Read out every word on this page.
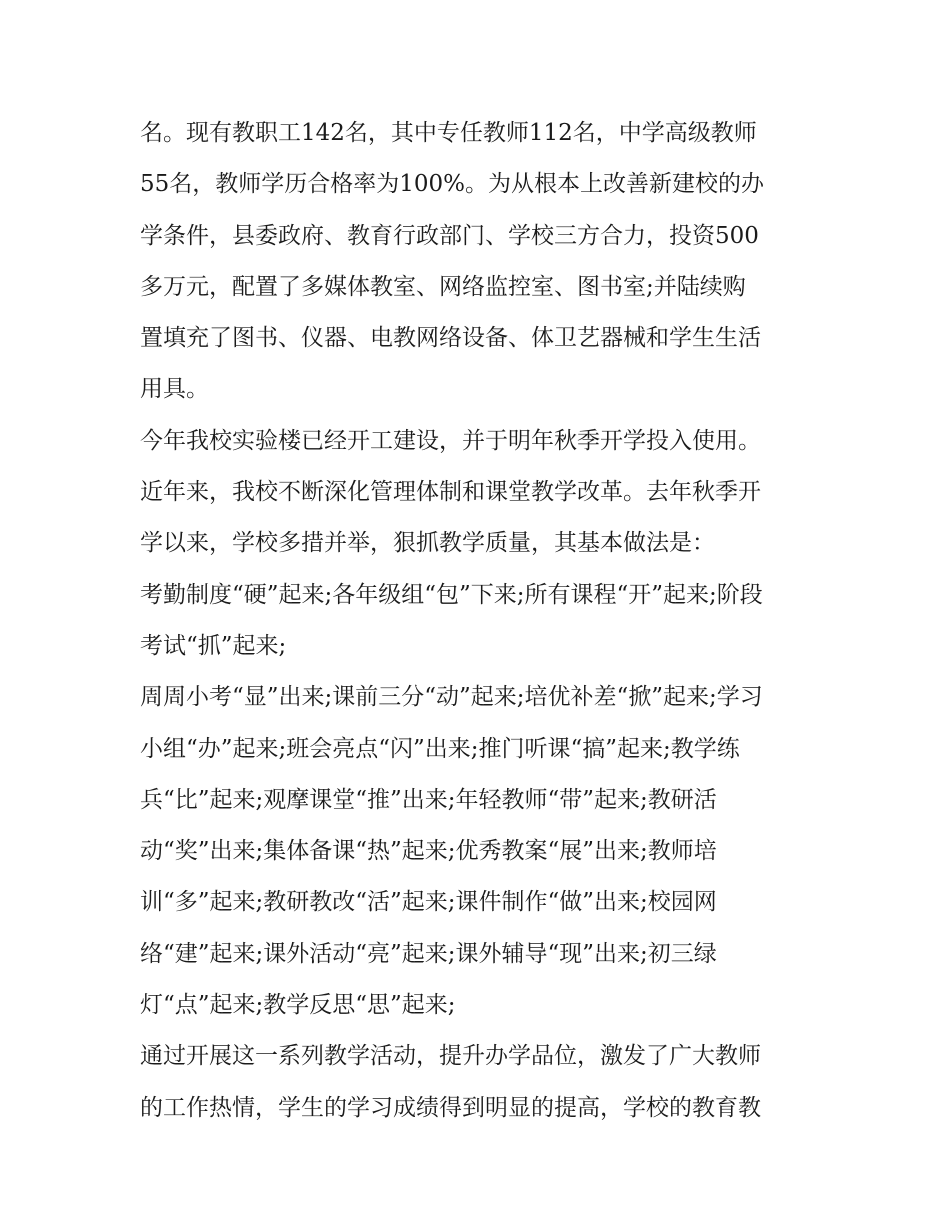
名。现有教职工142名，其中专任教师112名，中学高级教师
55名，教师学历合格率为100%。为从根本上改善新建校的办
学条件，县委政府、教育行政部门、学校三方合力，投资500
多万元，配置了多媒体教室、网络监控室、图书室;并陆续购
置填充了图书、仪器、电教网络设备、体卫艺器械和学生生活
用具。
今年我校实验楼已经开工建设，并于明年秋季开学投入使用。
近年来，我校不断深化管理体制和课堂教学改革。去年秋季开
学以来，学校多措并举，狠抓教学质量，其基本做法是：
考勤制度“硬”起来;各年级组“包”下来;所有课程“开”起来;阶段
考试“抓”起来;
周周小考“显”出来;课前三分“动”起来;培优补差“掀”起来;学习
小组“办”起来;班会亮点“闪”出来;推门听课“搞”起来;教学练
兵“比”起来;观摩课堂“推”出来;年轻教师“带”起来;教研活
动“奖”出来;集体备课“热”起来;优秀教案“展”出来;教师培
训“多”起来;教研教改“活”起来;课件制作“做”出来;校园网
络“建”起来;课外活动“亮”起来;课外辅导“现”出来;初三绿
灯“点”起来;教学反思“思”起来;
通过开展这一系列教学活动，提升办学品位，激发了广大教师
的工作热情，学生的学习成绩得到明显的提高，学校的教育教
